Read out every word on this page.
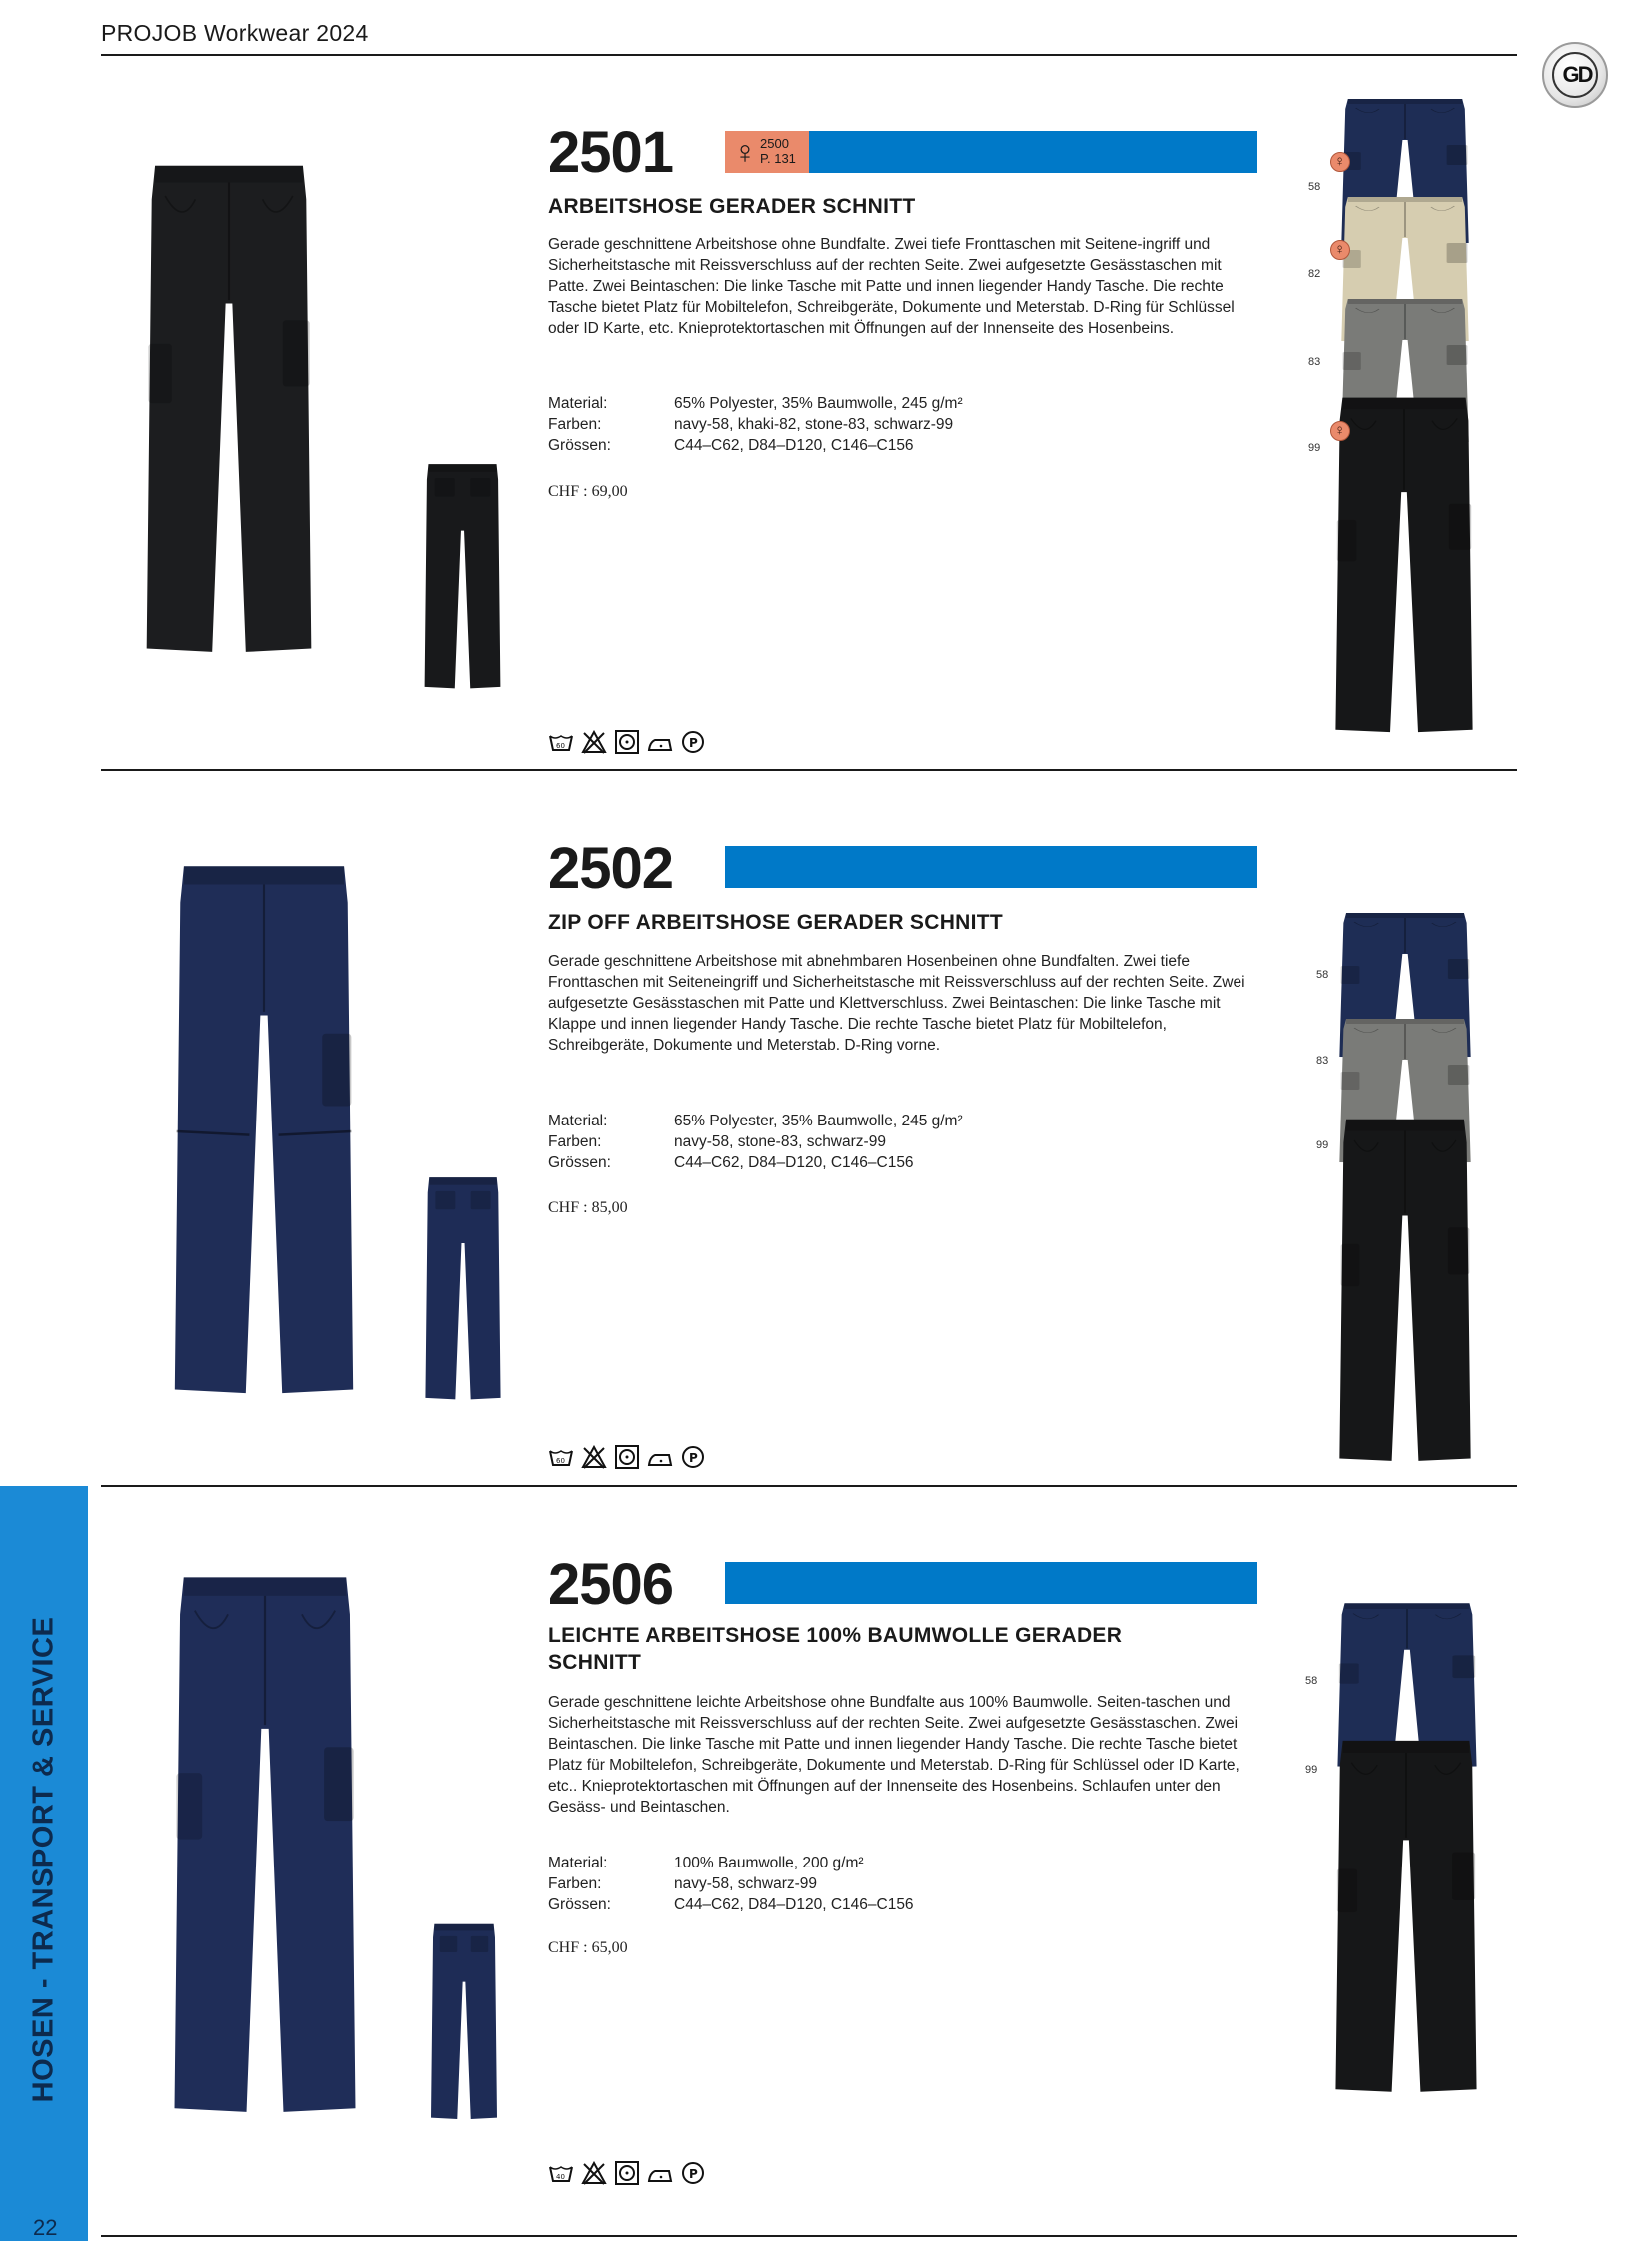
PROJOB Workwear 2024
GD
HOSEN - TRANSPORT & SERVICE
22
2501 ♀ 2500
P. 131
ARBEITSHOSE GERADER SCHNITT

Gerade geschnittene Arbeitshose ohne Bundfalte. Zwei tiefe Fronttaschen mit Seitene-ingriff und Sicherheitstasche mit Reissverschluss auf der rechten Seite. Zwei aufgesetzte Gesässtaschen mit Patte. Zwei Beintaschen: Die linke Tasche mit Patte und innen liegender Handy Tasche. Die rechte Tasche bietet Platz für Mobiltelefon, Schreibgeräte, Dokumente und Meterstab. D-Ring für Schlüssel oder ID Karte, etc. Knieprotektortaschen mit Öffnungen auf der Innenseite des Hosenbeins.

Material:	65% Polyester, 35% Baumwolle, 245 g/m²
Farben:	navy-58, khaki-82, stone-83, schwarz-99
Grössen:	C44–C62, D84–D120, C146–C156
CHF : 69,00
60	P
58
82
83
99
♀
♀
♀
2502
ZIP OFF ARBEITSHOSE GERADER SCHNITT

Gerade geschnittene Arbeitshose mit abnehmbaren Hosenbeinen ohne Bundfalten. Zwei tiefe Fronttaschen mit Seiteneingriff und Sicherheitstasche mit Reissverschluss auf der rechten Seite. Zwei aufgesetzte Gesässtaschen mit Patte und Klettverschluss. Zwei Beintaschen: Die linke Tasche mit Klappe und innen liegender Handy Tasche. Die rechte Tasche bietet Platz für Mobiltelefon, Schreibgeräte, Dokumente und Meterstab. D-Ring vorne.

Material:	65% Polyester, 35% Baumwolle, 245 g/m²
Farben:	navy-58, stone-83, schwarz-99
Grössen:	C44–C62, D84–D120, C146–C156
CHF : 85,00
60	P
58
83
99
2506
LEICHTE ARBEITSHOSE 100% BAUMWOLLE GERADER SCHNITT

Gerade geschnittene leichte Arbeitshose ohne Bundfalte aus 100% Baumwolle. Seiten-taschen und Sicherheitstasche mit Reissverschluss auf der rechten Seite. Zwei aufgesetzte Gesässtaschen. Zwei Beintaschen. Die linke Tasche mit Patte und innen liegender Handy Tasche. Die rechte Tasche bietet Platz für Mobiltelefon, Schreibgeräte, Dokumente und Meterstab. D-Ring für Schlüssel oder ID Karte, etc.. Knieprotektortaschen mit Öffnungen auf der Innenseite des Hosenbeins. Schlaufen unter den Gesäss- und Beintaschen.

Material:	100% Baumwolle, 200 g/m²
Farben:	navy-58, schwarz-99
Grössen:	C44–C62, D84–D120, C146–C156
CHF : 65,00
40	P
58
99
